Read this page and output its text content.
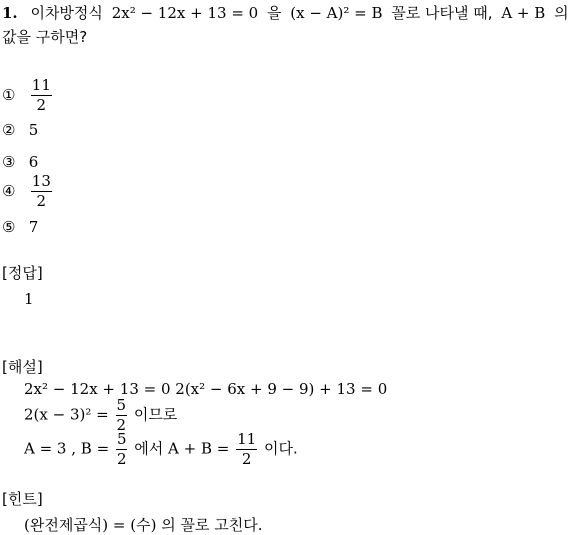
1. 이차방정식 2x² − 12x + 13 = 0 을 (x − A)² = B 꼴로 나타낼 때, A + B 의
값을 구하면?
① $\frac{11}{2}$
② 5
③ 6
④ $\frac{13}{2}$
⑤ 7
[정답]
1
[해설]
2x² − 12x + 13 = 0 2(x² − 6x + 9 − 9) + 13 = 0
$2(x - 3)^2 = \frac{5}{2}$ 이므로
A = 3 , $B = \frac{5}{2}$ 에서 $A + B = \frac{11}{2}$ 이다.
[힌트]
(완전제곱식) = (수) 의 꼴로 고친다.
